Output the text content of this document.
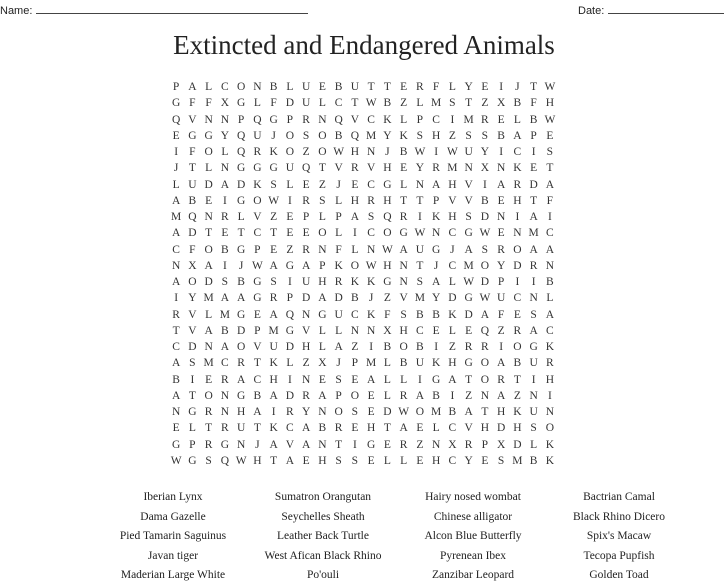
Name:	Date:
Extincted and Endangered Animals
P A L C O N B L U E B U T T E R F L Y E I	J T W
G F F X G L F D U L C T W B Z L M S T Z X B F H
Q V N N P Q G P R N Q V C K L P C I M R E L B W
E G G Y Q U J O S O B Q M Y K S H Z S S B A P E
I F O L Q R K O Z O W H N J B W I W U Y I C I S
J T L N G G G U Q T V R V H E Y R M N X N K E T
L U D A D K S L E Z J E C G L N A H V I A R D A
A B E I G O W I R S L H R H T T P V V B E H T F
M Q N R L V Z E P L P A S Q R I K H S D N I A I
A D T E T C T E E O L I C O G W N C G W E N M C
C F O B G P E Z R N F L N W A U G J A S R O A A
N X A I	J W A G A P K O W H N T J C M O Y D R N
A O D S B G S I U H R K K G N S A L W D P I	I B
I Y M A A G R P D A D B J Z V M Y D G W U C N L
R V L M G E A Q N G U C K F S B B K D A F E S A
T V A B D P M G V L L N N X H C E L E Q Z R A C
C D N A O V U D H L A Z I B O B I Z R R I O G K
A S M C R T K L Z X J P M L B U K H G O A B U R
B I E R A C H I N E S E A L L I G A T O R T I H
A T O N G B A D R A P O E L R A B I Z N A Z N I
N G R N H A I R Y N O S E D W O M B A T H K U N
E L T R U T K C A B R E H T A E L C V H D H S O
G P R G N J A V A N T I G E R Z N X R P X D L K
W G S Q W H T A E H S S E L L E H C Y E S M B K
Iberian Lynx	Sumatron Orangutan	Hairy nosed wombat	Bactrian Camal
Dama Gazelle	Seychelles Sheath	Chinese alligator	Black Rhino Dicero
Pied Tamarin Saguinus	Leather Back Turtle	Alcon Blue Butterfly	Spix's Macaw
Javan tiger	West Afican Black Rhino	Pyrenean Ibex	Tecopa Pupfish
Maderian Large White	Po'ouli	Zanzibar Leopard	Golden Toad
